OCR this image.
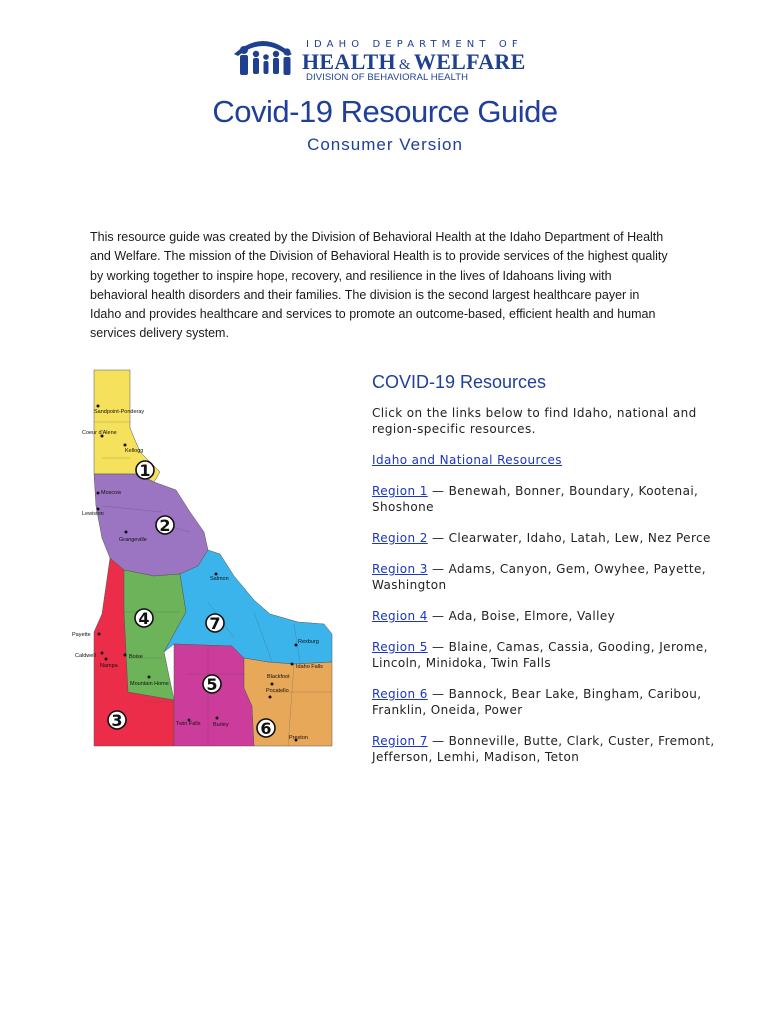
IDAHO DEPARTMENT OF
HEALTH & WELFARE
DIVISION OF BEHAVIORAL HEALTH
Covid-19 Resource Guide
Consumer Version
This resource guide was created by the Division of Behavioral Health at the Idaho Department of Health
and Welfare. The mission of the Division of Behavioral Health is to provide services of the highest quality
by working together to inspire hope, recovery, and resilience in the lives of Idahoans living with
behavioral health disorders and their families. The division is the second largest healthcare payer in
Idaho and provides healthcare and services to promote an outcome-based, efficient health and human
services delivery system.
1
2
3
4
5
6
7
Sandpoint-Ponderay
Coeur d'Alene
Kellogg
Moscow
Lewiston
Grangeville
Salmon
Payette
Caldwell
Nampa
Boise
Mountain Home
Rexburg
Idaho Falls
Blackfoot
Pocatello
Twin Falls Burley
Preston
COVID-19 Resources
Click on the links below to find Idaho, national and region-specific resources.
Idaho and National Resources
Region 1 — Benewah, Bonner, Boundary, Kootenai, Shoshone
Region 2 — Clearwater, Idaho, Latah, Lew, Nez Perce
Region 3 — Adams, Canyon, Gem, Owyhee, Payette, Washington
Region 4 — Ada, Boise, Elmore, Valley
Region 5 — Blaine, Camas, Cassia, Gooding, Jerome, Lincoln, Minidoka, Twin Falls
Region 6 — Bannock, Bear Lake, Bingham, Caribou, Franklin, Oneida, Power
Region 7 — Bonneville, Butte, Clark, Custer, Fremont, Jefferson, Lemhi, Madison, Teton
